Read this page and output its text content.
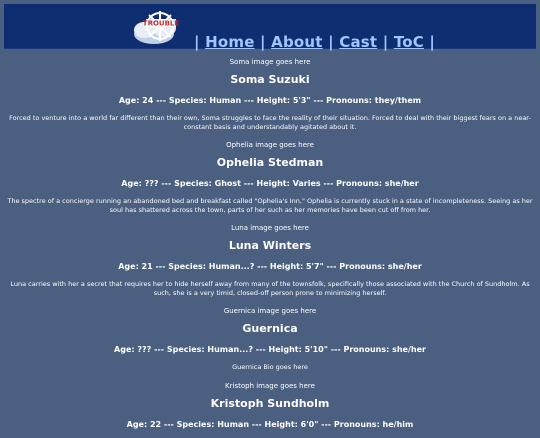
TROUBLE
| Home | About | Cast | ToC |
Soma image goes here
Soma Suzuki
Age: 24 --- Species: Human --- Height: 5'3" --- Pronouns: they/them
Forced to venture into a world far different than their own, Soma struggles to face the reality of their situation. Forced to deal with their biggest fears on a near-constant basis and understandably agitated about it.
Ophelia image goes here
Ophelia Stedman
Age: ??? --- Species: Ghost --- Height: Varies --- Pronouns: she/her
The spectre of a concierge running an abandoned bed and breakfast called "Ophelia's Inn," Ophelia is currently stuck in a state of incompleteness. Seeing as her soul has shattered across the town, parts of her such as her memories have been cut off from her.
Luna image goes here
Luna Winters
Age: 21 --- Species: Human...? --- Height: 5'7" --- Pronouns: she/her
Luna carries with her a secret that requires her to hide herself away from many of the townsfolk, specifically those associated with the Church of Sundholm. As such, she is a very timid, closed-off person prone to minimizing herself.
Guernica image goes here
Guernica
Age: ??? --- Species: Human...? --- Height: 5'10" --- Pronouns: she/her
Guernica Bio goes here
Kristoph image goes here
Kristoph Sundholm
Age: 22 --- Species: Human --- Height: 6'0" --- Pronouns: he/him
